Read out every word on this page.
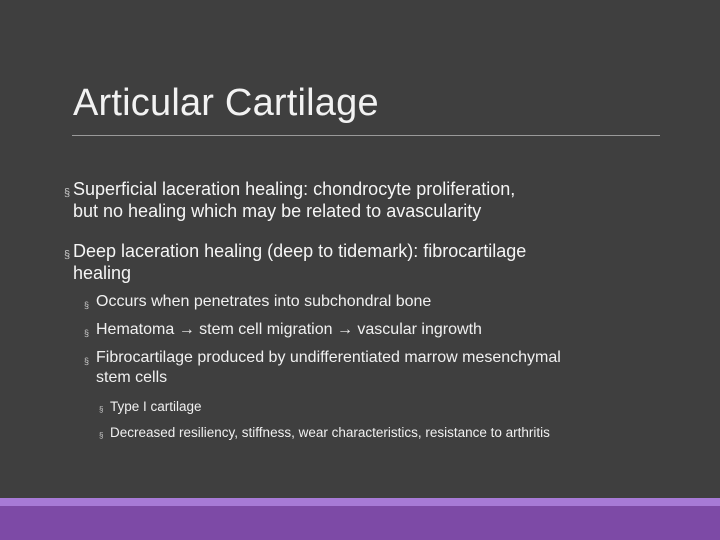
Articular Cartilage
§ Superficial laceration healing: chondrocyte proliferation,
but no healing which may be related to avascularity
§ Deep laceration healing (deep to tidemark): fibrocartilage
healing
§ Occurs when penetrates into subchondral bone
§ Hematoma → stem cell migration → vascular ingrowth
§ Fibrocartilage produced by undifferentiated marrow mesenchymal
stem cells
§ Type I cartilage
§ Decreased resiliency, stiffness, wear characteristics, resistance to arthritis
